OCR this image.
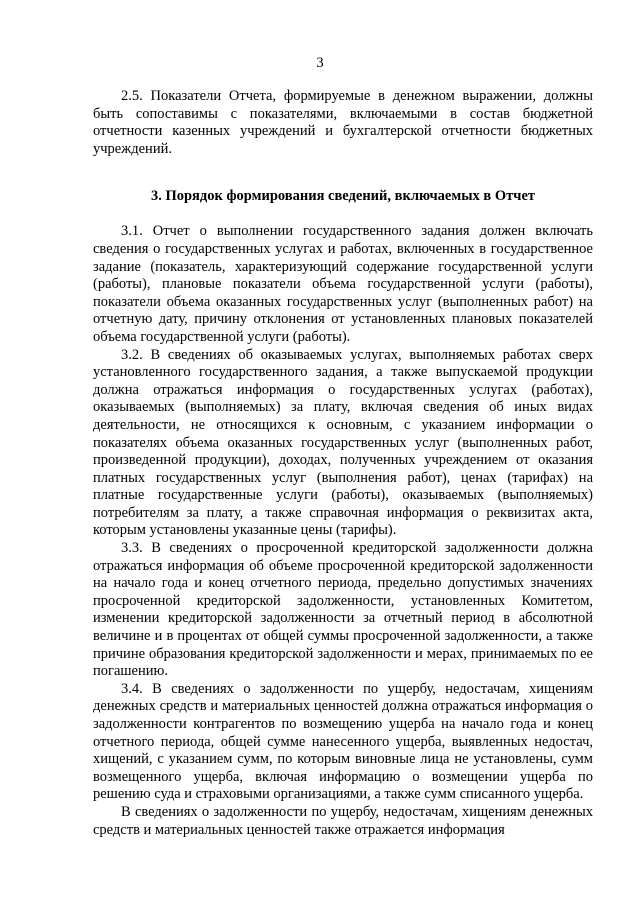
3

2.5. Показатели Отчета, формируемые в денежном выражении, должны быть сопоставимы с показателями, включаемыми в состав бюджетной отчетности казенных учреждений и бухгалтерской отчетности бюджетных учреждений.

3. Порядок формирования сведений, включаемых в Отчет

3.1. Отчет о выполнении государственного задания должен включать сведения о государственных услугах и работах, включенных в государственное задание (показатель, характеризующий содержание государственной услуги (работы), плановые показатели объема государственной услуги (работы), показатели объема оказанных государственных услуг (выполненных работ) на отчетную дату, причину отклонения от установленных плановых показателей объема государственной услуги (работы).

3.2. В сведениях об оказываемых услугах, выполняемых работах сверх установленного государственного задания, а также выпускаемой продукции должна отражаться информация о государственных услугах (работах), оказываемых (выполняемых) за плату, включая сведения об иных видах деятельности, не относящихся к основным, с указанием информации о показателях объема оказанных государственных услуг (выполненных работ, произведенной продукции), доходах, полученных учреждением от оказания платных государственных услуг (выполнения работ), ценах (тарифах) на платные государственные услуги (работы), оказываемых (выполняемых) потребителям за плату, а также справочная информация о реквизитах акта, которым установлены указанные цены (тарифы).

3.3. В сведениях о просроченной кредиторской задолженности должна отражаться информация об объеме просроченной кредиторской задолженности на начало года и конец отчетного периода, предельно допустимых значениях просроченной кредиторской задолженности, установленных Комитетом, изменении кредиторской задолженности за отчетный период в абсолютной величине и в процентах от общей суммы просроченной задолженности, а также причине образования кредиторской задолженности и мерах, принимаемых по ее погашению.

3.4. В сведениях о задолженности по ущербу, недостачам, хищениям денежных средств и материальных ценностей должна отражаться информация о задолженности контрагентов по возмещению ущерба на начало года и конец отчетного периода, общей сумме нанесенного ущерба, выявленных недостач, хищений, с указанием сумм, по которым виновные лица не установлены, сумм возмещенного ущерба, включая информацию о возмещении ущерба по решению суда и страховыми организациями, а также сумм списанного ущерба.

В сведениях о задолженности по ущербу, недостачам, хищениям денежных средств и материальных ценностей также отражается информация
